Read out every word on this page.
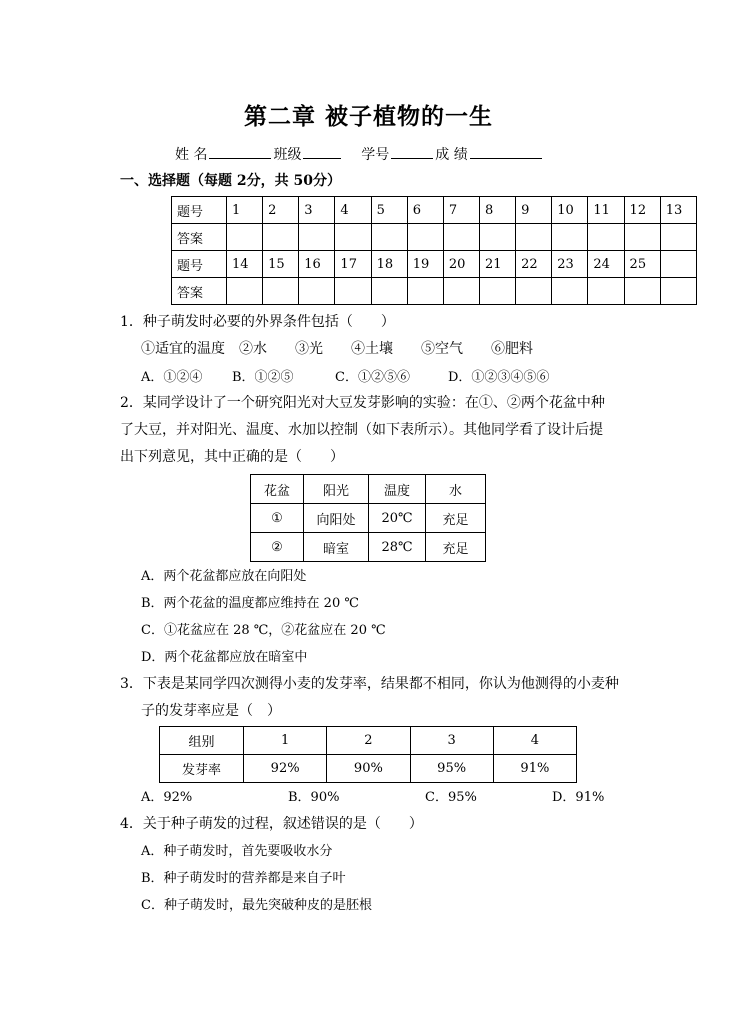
第二章 被子植物的一生
姓 名	班级	学号	成 绩
一、选择题（每题 2分，共 50分）
题号	1	2	3	4	5	6	7	8	9	10	11	12	13
答案													
题号	14	15	16	17	18	19	20	21	22	23	24	25	
答案													
1．种子萌发时必要的外界条件包括（　　）
①适宜的温度　②水　　③光　　④土壤　　⑤空气　　⑥肥料
A．①②④ B．①②⑤	C．①②⑤⑥	D．①②③④⑤⑥
2．某同学设计了一个研究阳光对大豆发芽影响的实验：在①、②两个花盆中种
了大豆，并对阳光、温度、水加以控制（如下表所示）。其他同学看了设计后提
出下列意见，其中正确的是（　　）
花盆	阳光	温度	水
①	向阳处	20℃	充足
②	暗室	28℃	充足
A．两个花盆都应放在向阳处
B．两个花盆的温度都应维持在 20 ℃
C．①花盆应在 28 ℃，②花盆应在 20 ℃
D．两个花盆都应放在暗室中
3．下表是某同学四次测得小麦的发芽率，结果都不相同，你认为他测得的小麦种
子的发芽率应是（　）
组别	1	2	3	4
发芽率	92%	90%	95%	91%
A．92%	B．90%	C．95%	D．91%
4．关于种子萌发的过程，叙述错误的是（　　）
A．种子萌发时，首先要吸收水分
B．种子萌发时的营养都是来自子叶
C．种子萌发时，最先突破种皮的是胚根
